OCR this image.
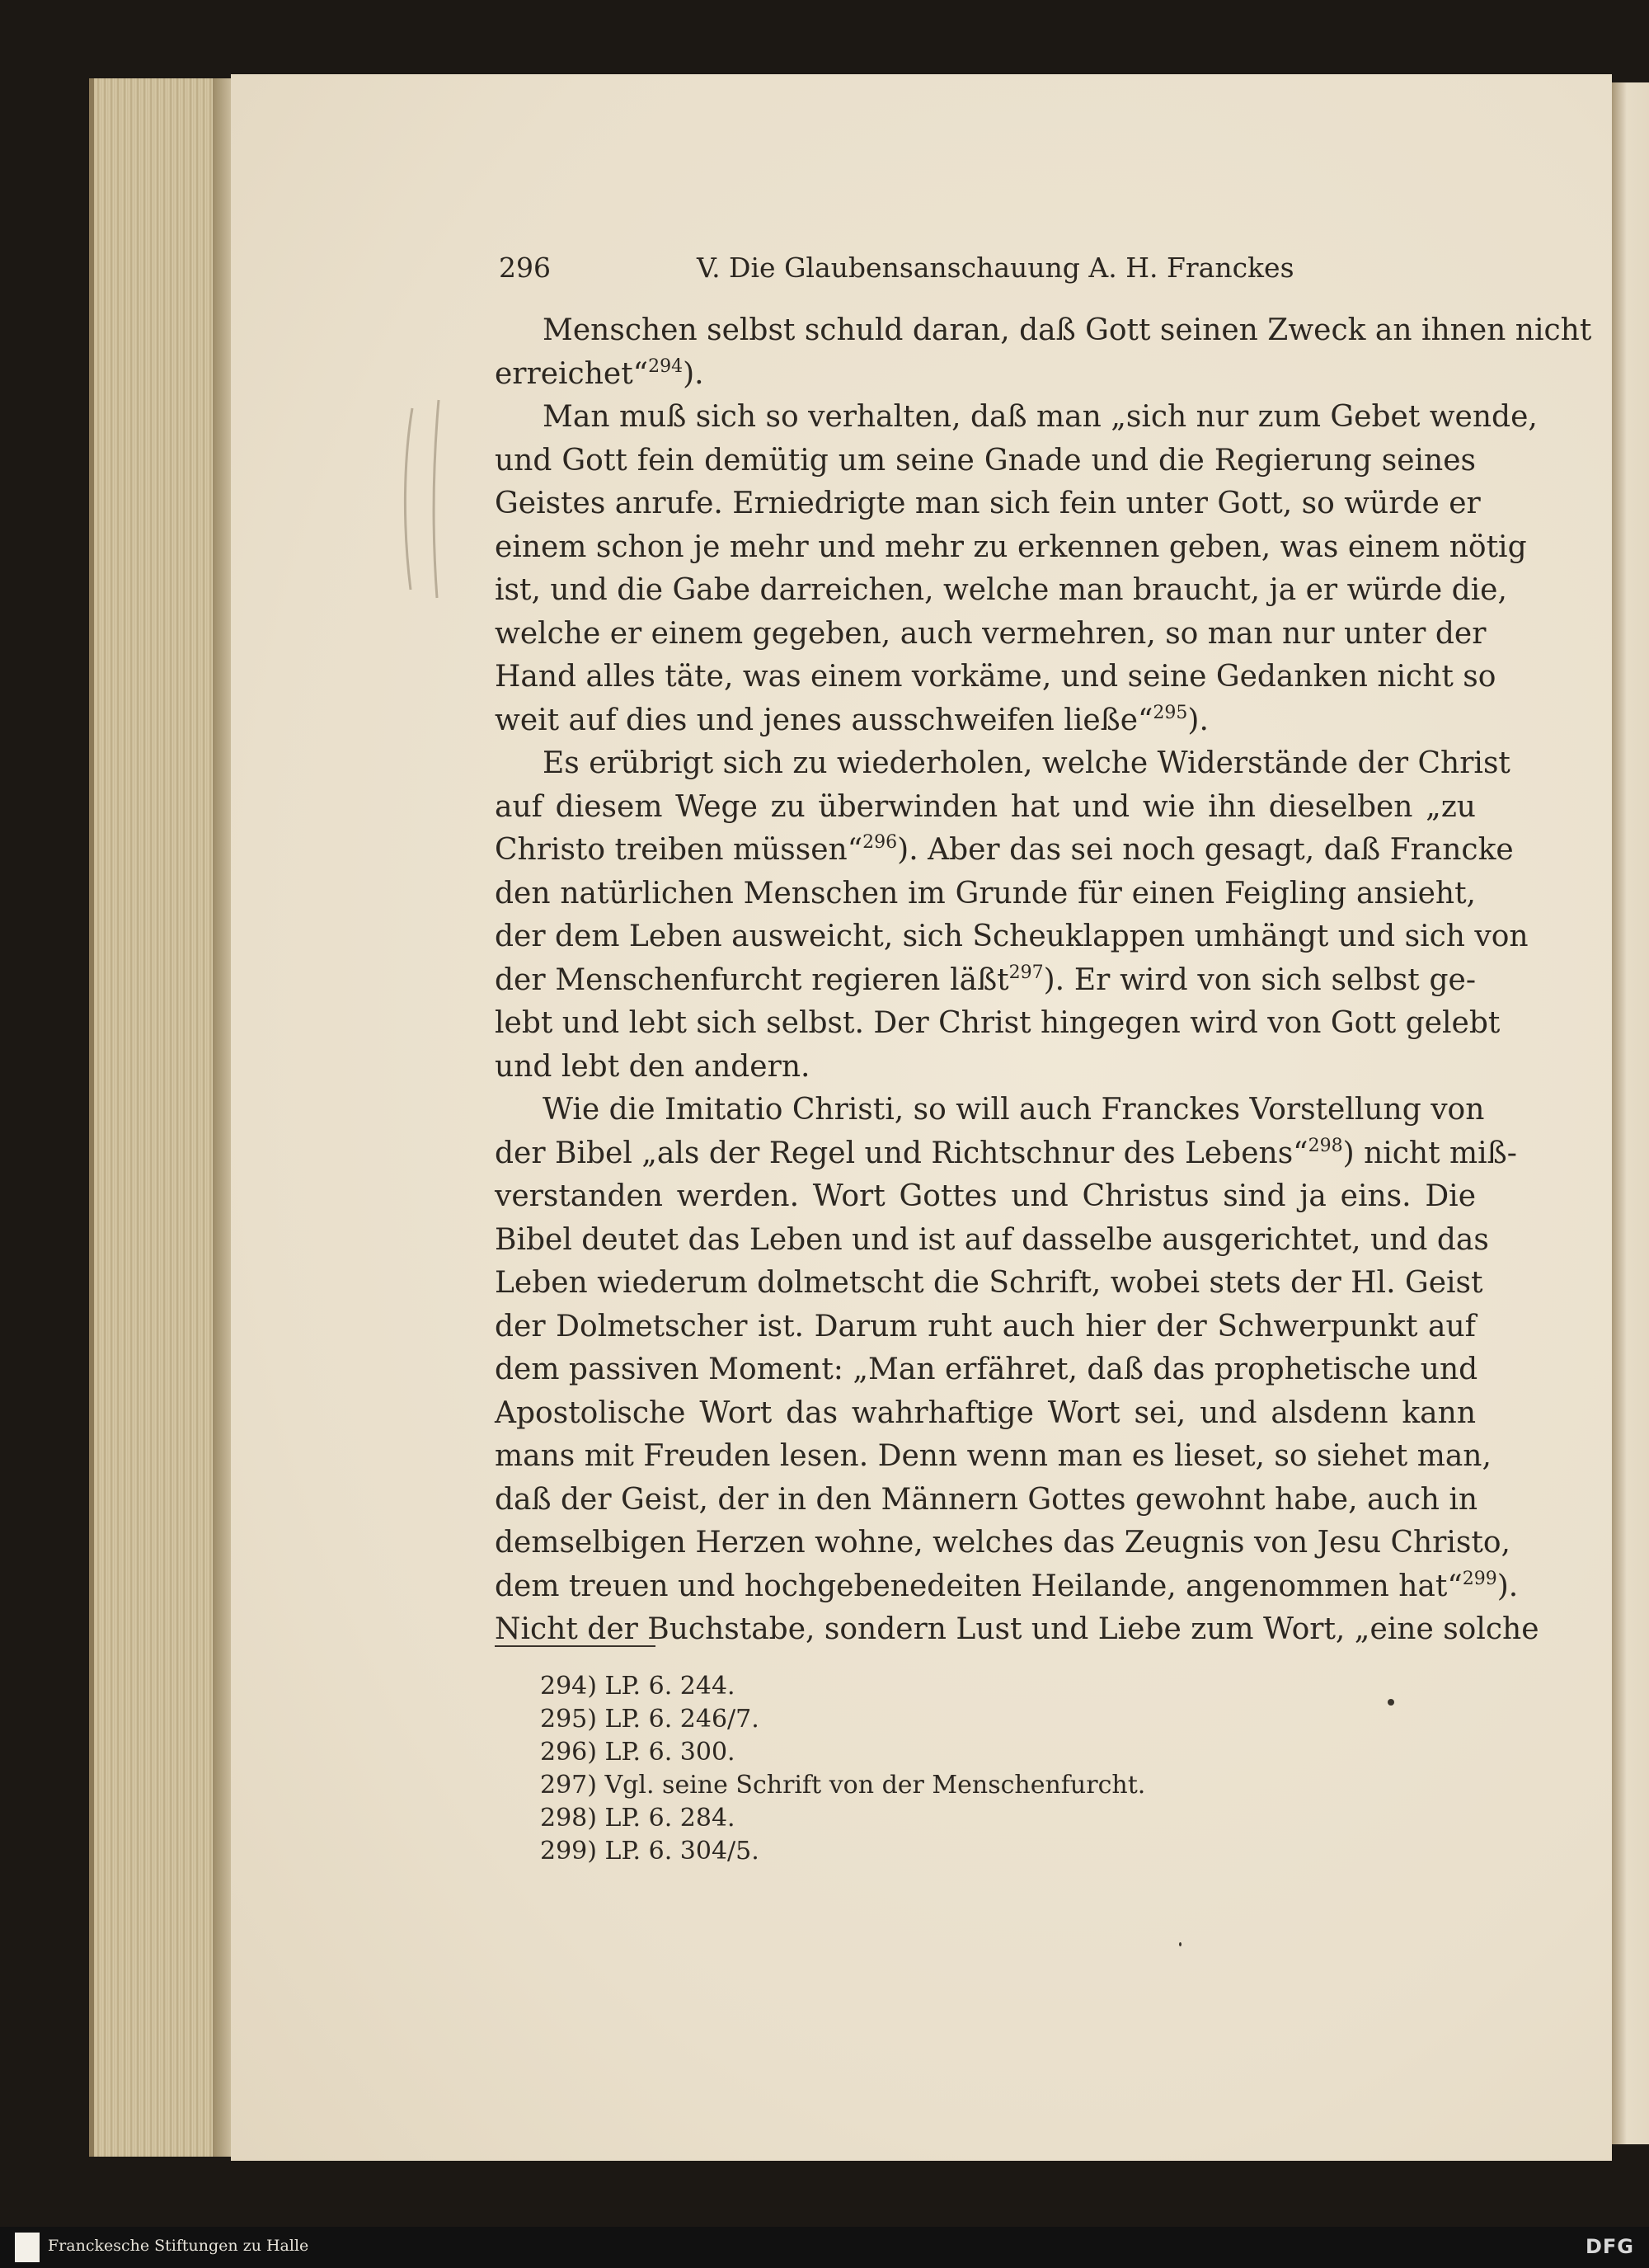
296	V. Die Glaubensanschauung A. H. Franckes
Menschen selbst schuld daran, daß Gott seinen Zweck an ihnen nicht
erreichet“$^{294}$).
Man muß sich so verhalten, daß man „sich nur zum Gebet wende,
und Gott fein demütig um seine Gnade und die Regierung seines
Geistes anrufe. Erniedrigte man sich fein unter Gott, so würde er
einem schon je mehr und mehr zu erkennen geben, was einem nötig
ist, und die Gabe darreichen, welche man braucht, ja er würde die,
welche er einem gegeben, auch vermehren, so man nur unter der
Hand alles täte, was einem vorkäme, und seine Gedanken nicht so
weit auf dies und jenes ausschweifen ließe“$^{295}$).
Es erübrigt sich zu wiederholen, welche Widerstände der Christ
auf diesem Wege zu überwinden hat und wie ihn dieselben „zu
Christo treiben müssen“$^{296}$). Aber das sei noch gesagt, daß Francke
den natürlichen Menschen im Grunde für einen Feigling ansieht,
der dem Leben ausweicht, sich Scheuklappen umhängt und sich von
der Menschenfurcht regieren läßt$^{297}$). Er wird von sich selbst ge-
lebt und lebt sich selbst. Der Christ hingegen wird von Gott gelebt
und lebt den andern.
Wie die Imitatio Christi, so will auch Franckes Vorstellung von
der Bibel „als der Regel und Richtschnur des Lebens“$^{298}$) nicht miß-
verstanden werden. Wort Gottes und Christus sind ja eins. Die
Bibel deutet das Leben und ist auf dasselbe ausgerichtet, und das
Leben wiederum dolmetscht die Schrift, wobei stets der Hl. Geist
der Dolmetscher ist. Darum ruht auch hier der Schwerpunkt auf
dem passiven Moment: „Man erfähret, daß das prophetische und
Apostolische Wort das wahrhaftige Wort sei, und alsdenn kann
mans mit Freuden lesen. Denn wenn man es lieset, so siehet man,
daß der Geist, der in den Männern Gottes gewohnt habe, auch in
demselbigen Herzen wohne, welches das Zeugnis von Jesu Christo,
dem treuen und hochgebenedeiten Heilande, angenommen hat“$^{299}$).
Nicht der Buchstabe, sondern Lust und Liebe zum Wort, „eine solche
294) LP. 6. 244.
295) LP. 6. 246/7.
296) LP. 6. 300.
297) Vgl. seine Schrift von der Menschenfurcht.
298) LP. 6. 284.
299) LP. 6. 304/5.
Franckesche Stiftungen zu Halle	DFG
